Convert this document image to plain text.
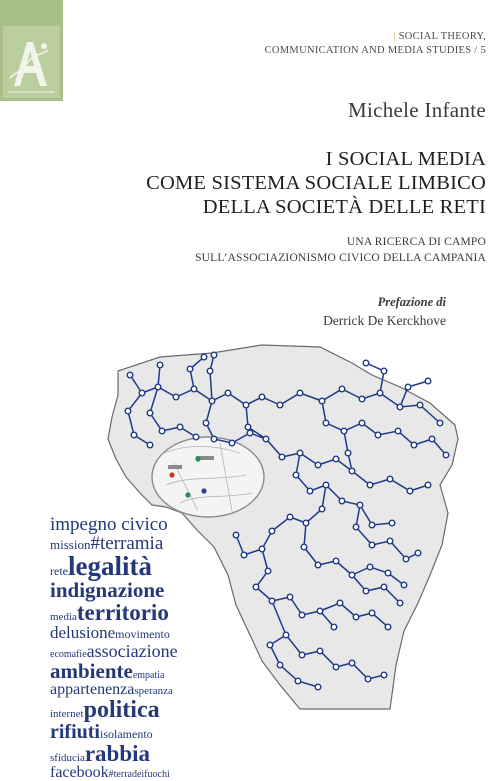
| SOCIAL THEORY,
COMMUNICATION AND MEDIA STUDIES / 5
Michele Infante
I SOCIAL MEDIA
COME SISTEMA SOCIALE LIMBICO
DELLA SOCIETÀ DELLE RETI
UNA RICERCA DI CAMPO
SULL’ASSOCIAZIONISMO CIVICO DELLA CAMPANIA
Prefazione di
Derrick De Kerckhove
impegno civico
mission#terramia
retelegalità
indignazione
mediaterritorio
delusionemovimento
ecomafieassociazione
ambienteempatia
appartenenzasperanza
internetpolitica
rifiutiisolamento
sfiduciarabbia
facebook#terradeifuochi
